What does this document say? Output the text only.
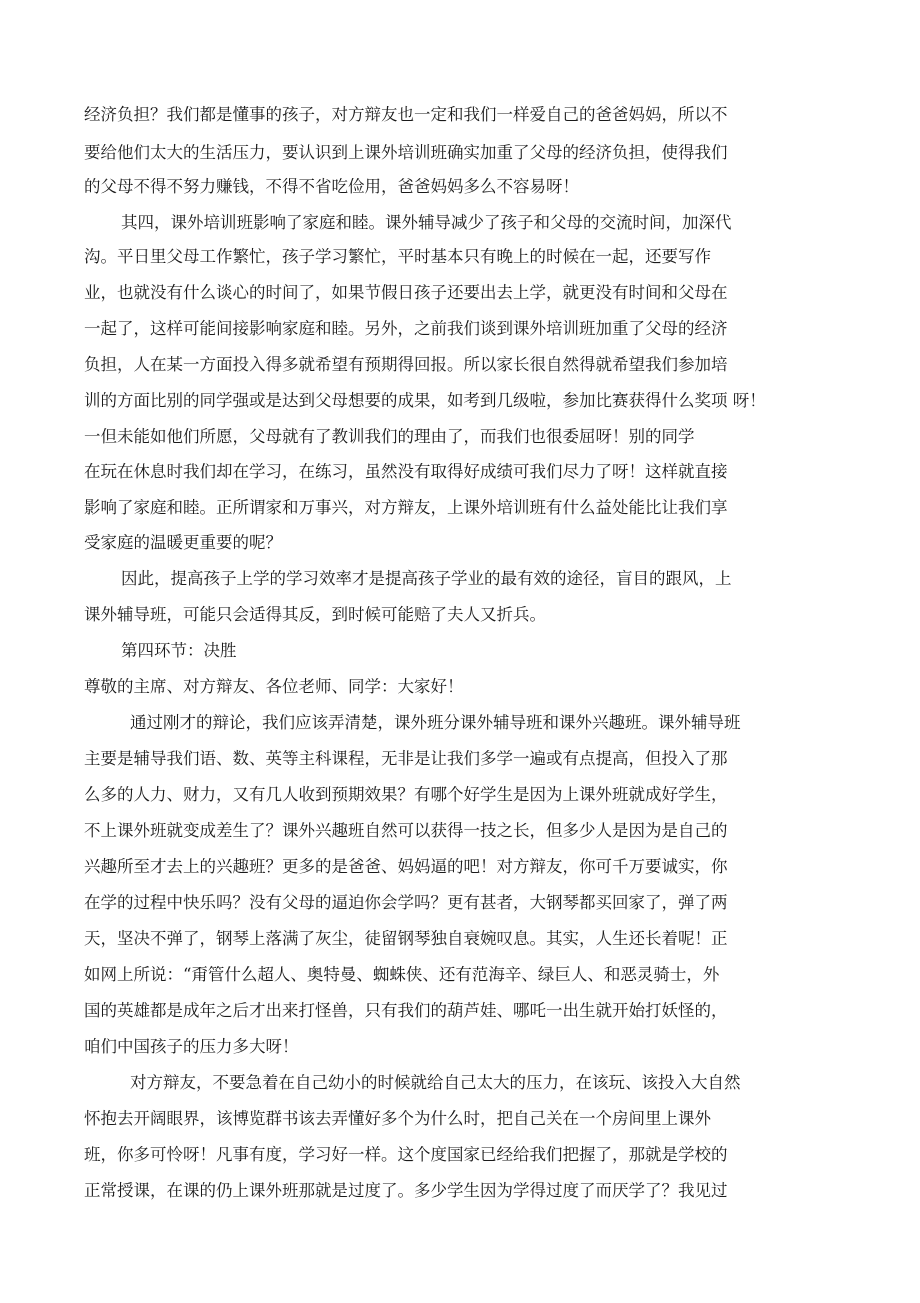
经济负担？我们都是懂事的孩子，对方辩友也一定和我们一样爱自己的爸爸妈妈，所以不
要给他们太大的生活压力，要认识到上课外培训班确实加重了父母的经济负担，使得我们
的父母不得不努力赚钱，不得不省吃俭用，爸爸妈妈多么不容易呀！
其四，课外培训班影响了家庭和睦。课外辅导减少了孩子和父母的交流时间，加深代
沟。平日里父母工作繁忙，孩子学习繁忙，平时基本只有晚上的时候在一起，还要写作
业，也就没有什么谈心的时间了，如果节假日孩子还要出去上学，就更没有时间和父母在
一起了，这样可能间接影响家庭和睦。另外，之前我们谈到课外培训班加重了父母的经济
负担，人在某一方面投入得多就希望有预期得回报。所以家长很自然得就希望我们参加培
训的方面比别的同学强或是达到父母想要的成果，如考到几级啦，参加比赛获得什么奖项 呀！
一但未能如他们所愿，父母就有了教训我们的理由了，而我们也很委屈呀！别的同学
在玩在休息时我们却在学习，在练习，虽然没有取得好成绩可我们尽力了呀！这样就直接
影响了家庭和睦。正所谓家和万事兴，对方辩友，上课外培训班有什么益处能比让我们享
受家庭的温暖更重要的呢？
因此，提高孩子上学的学习效率才是提高孩子学业的最有效的途径，盲目的跟风，上
课外辅导班，可能只会适得其反，到时候可能赔了夫人又折兵。
第四环节：决胜
尊敬的主席、对方辩友、各位老师、同学：大家好！
通过刚才的辩论，我们应该弄清楚，课外班分课外辅导班和课外兴趣班。课外辅导班
主要是辅导我们语、数、英等主科课程，无非是让我们多学一遍或有点提高，但投入了那
么多的人力、财力，又有几人收到预期效果？有哪个好学生是因为上课外班就成好学生，
不上课外班就变成差生了？课外兴趣班自然可以获得一技之长，但多少人是因为是自己的
兴趣所至才去上的兴趣班？更多的是爸爸、妈妈逼的吧！对方辩友，你可千万要诚实，你
在学的过程中快乐吗？没有父母的逼迫你会学吗？更有甚者，大钢琴都买回家了，弹了两
天，坚决不弹了，钢琴上落满了灰尘，徒留钢琴独自衰婉叹息。其实，人生还长着呢！正
如网上所说：“甭管什么超人、奥特曼、蜘蛛侠、还有范海辛、绿巨人、和恶灵骑士，外
国的英雄都是成年之后才出来打怪兽，只有我们的葫芦娃、哪吒一出生就开始打妖怪的，
咱们中国孩子的压力多大呀！
对方辩友，不要急着在自己幼小的时候就给自己太大的压力，在该玩、该投入大自然
怀抱去开阔眼界，该博览群书该去弄懂好多个为什么时，把自己关在一个房间里上课外
班，你多可怜呀！凡事有度，学习好一样。这个度国家已经给我们把握了，那就是学校的
正常授课，在课的仍上课外班那就是过度了。多少学生因为学得过度了而厌学了？我见过
